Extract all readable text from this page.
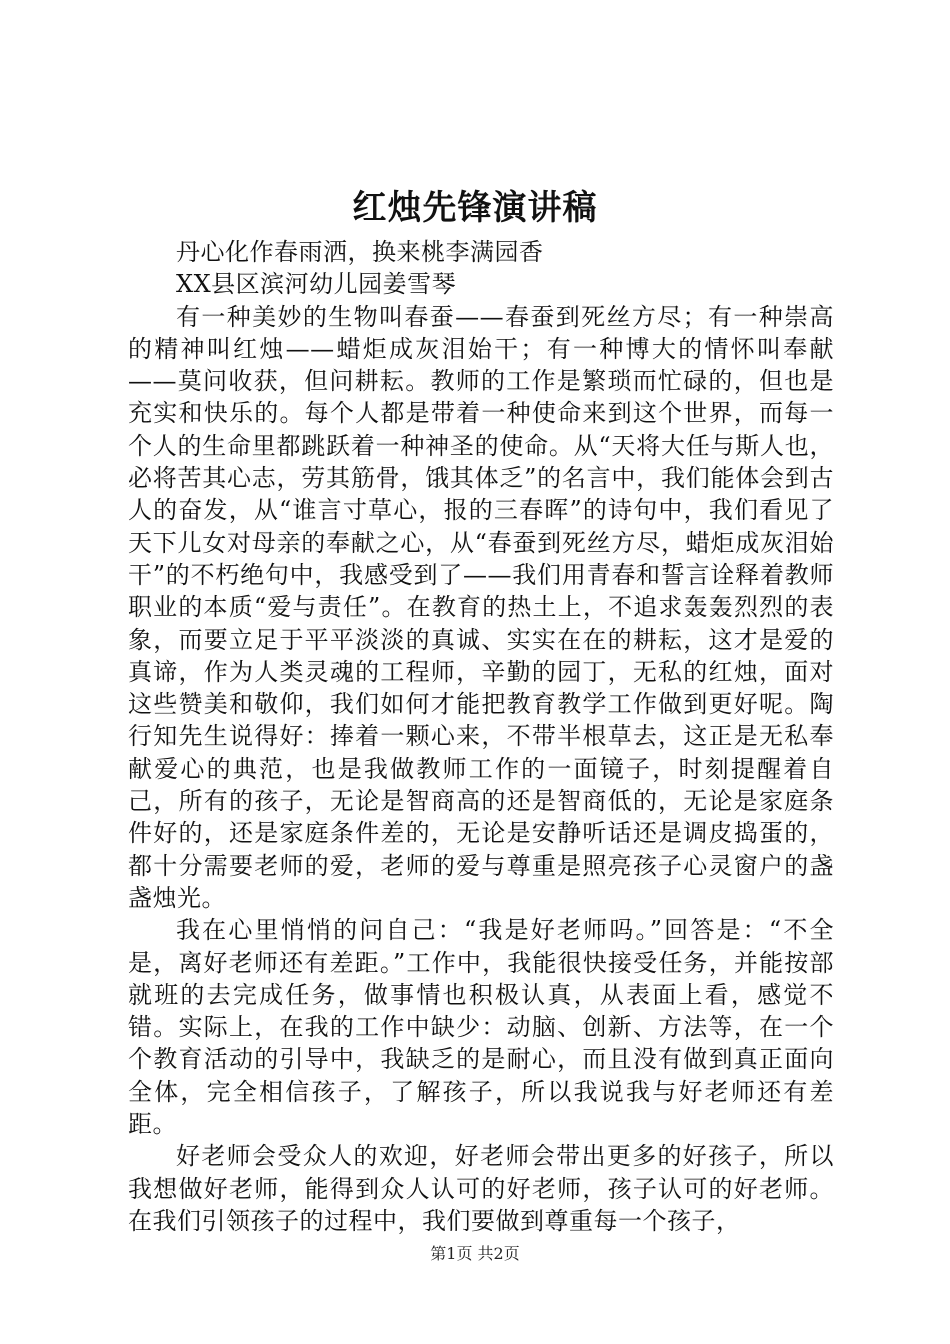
红烛先锋演讲稿

丹心化作春雨洒，换来桃李满园香

XX县区滨河幼儿园姜雪琴

有一种美妙的生物叫春蚕——春蚕到死丝方尽；有一种崇高的精神叫红烛——蜡炬成灰泪始干；有一种博大的情怀叫奉献——莫问收获，但问耕耘。教师的工作是繁琐而忙碌的，但也是充实和快乐的。每个人都是带着一种使命来到这个世界，而每一个人的生命里都跳跃着一种神圣的使命。从“天将大任与斯人也，必将苦其心志，劳其筋骨，饿其体乏”的名言中，我们能体会到古人的奋发，从“谁言寸草心，报的三春晖”的诗句中，我们看见了天下儿女对母亲的奉献之心，从“春蚕到死丝方尽，蜡炬成灰泪始干”的不朽绝句中，我感受到了——我们用青春和誓言诠释着教师职业的本质“爱与责任”。在教育的热土上，不追求轰轰烈烈的表象，而要立足于平平淡淡的真诚、实实在在的耕耘，这才是爱的真谛，作为人类灵魂的工程师，辛勤的园丁，无私的红烛，面对这些赞美和敬仰，我们如何才能把教育教学工作做到更好呢。陶行知先生说得好：捧着一颗心来，不带半根草去，这正是无私奉献爱心的典范，也是我做教师工作的一面镜子，时刻提醒着自己，所有的孩子，无论是智商高的还是智商低的，无论是家庭条件好的，还是家庭条件差的，无论是安静听话还是调皮捣蛋的，都十分需要老师的爱，老师的爱与尊重是照亮孩子心灵窗户的盏盏烛光。

我在心里悄悄的问自己：“我是好老师吗。”回答是：“不全是，离好老师还有差距。”工作中，我能很快接受任务，并能按部就班的去完成任务，做事情也积极认真，从表面上看，感觉不错。实际上，在我的工作中缺少：动脑、创新、方法等，在一个个教育活动的引导中，我缺乏的是耐心，而且没有做到真正面向全体，完全相信孩子，了解孩子，所以我说我与好老师还有差距。

好老师会受众人的欢迎，好老师会带出更多的好孩子，所以我想做好老师，能得到众人认可的好老师，孩子认可的好老师。在我们引领孩子的过程中，我们要做到尊重每一个孩子，

第1页 共2页
